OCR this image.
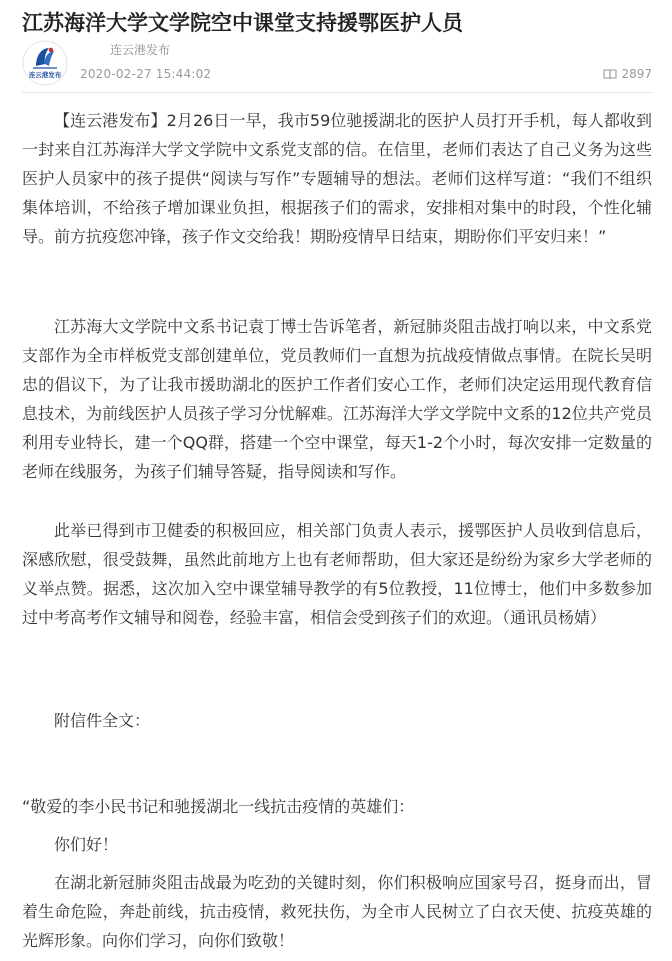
江苏海洋大学文学院空中课堂支持援鄂医护人员
连云港发布
连云港发布
2020-02-27 15:44:02	2897

【连云港发布】2月26日一早，我市59位驰援湖北的医护人员打开手机，每人都收到一封来自江苏海洋大学文学院中文系党支部的信。在信里，老师们表达了自己义务为这些医护人员家中的孩子提供“阅读与写作”专题辅导的想法。老师们这样写道：“我们不组织集体培训，不给孩子增加课业负担，根据孩子们的需求，安排相对集中的时段，个性化辅导。前方抗疫您冲锋，孩子作文交给我！期盼疫情早日结束，期盼你们平安归来！”

江苏海大文学院中文系书记袁丁博士告诉笔者，新冠肺炎阻击战打响以来，中文系党支部作为全市样板党支部创建单位，党员教师们一直想为抗战疫情做点事情。在院长吴明忠的倡议下，为了让我市援助湖北的医护工作者们安心工作，老师们决定运用现代教育信息技术，为前线医护人员孩子学习分忧解难。江苏海洋大学文学院中文系的12位共产党员利用专业特长，建一个QQ群，搭建一个空中课堂，每天1-2个小时，每次安排一定数量的老师在线服务，为孩子们辅导答疑，指导阅读和写作。

此举已得到市卫健委的积极回应，相关部门负责人表示，援鄂医护人员收到信息后，深感欣慰，很受鼓舞，虽然此前地方上也有老师帮助，但大家还是纷纷为家乡大学老师的义举点赞。据悉，这次加入空中课堂辅导教学的有5位教授，11位博士，他们中多数参加过中考高考作文辅导和阅卷，经验丰富，相信会受到孩子们的欢迎。（通讯员杨婧）

附信件全文：

“敬爱的李小民书记和驰援湖北一线抗击疫情的英雄们：

你们好！

在湖北新冠肺炎阻击战最为吃劲的关键时刻，你们积极响应国家号召，挺身而出，冒着生命危险，奔赴前线，抗击疫情，救死扶伤，为全市人民树立了白衣天使、抗疫英雄的光辉形象。向你们学习，向你们致敬！
